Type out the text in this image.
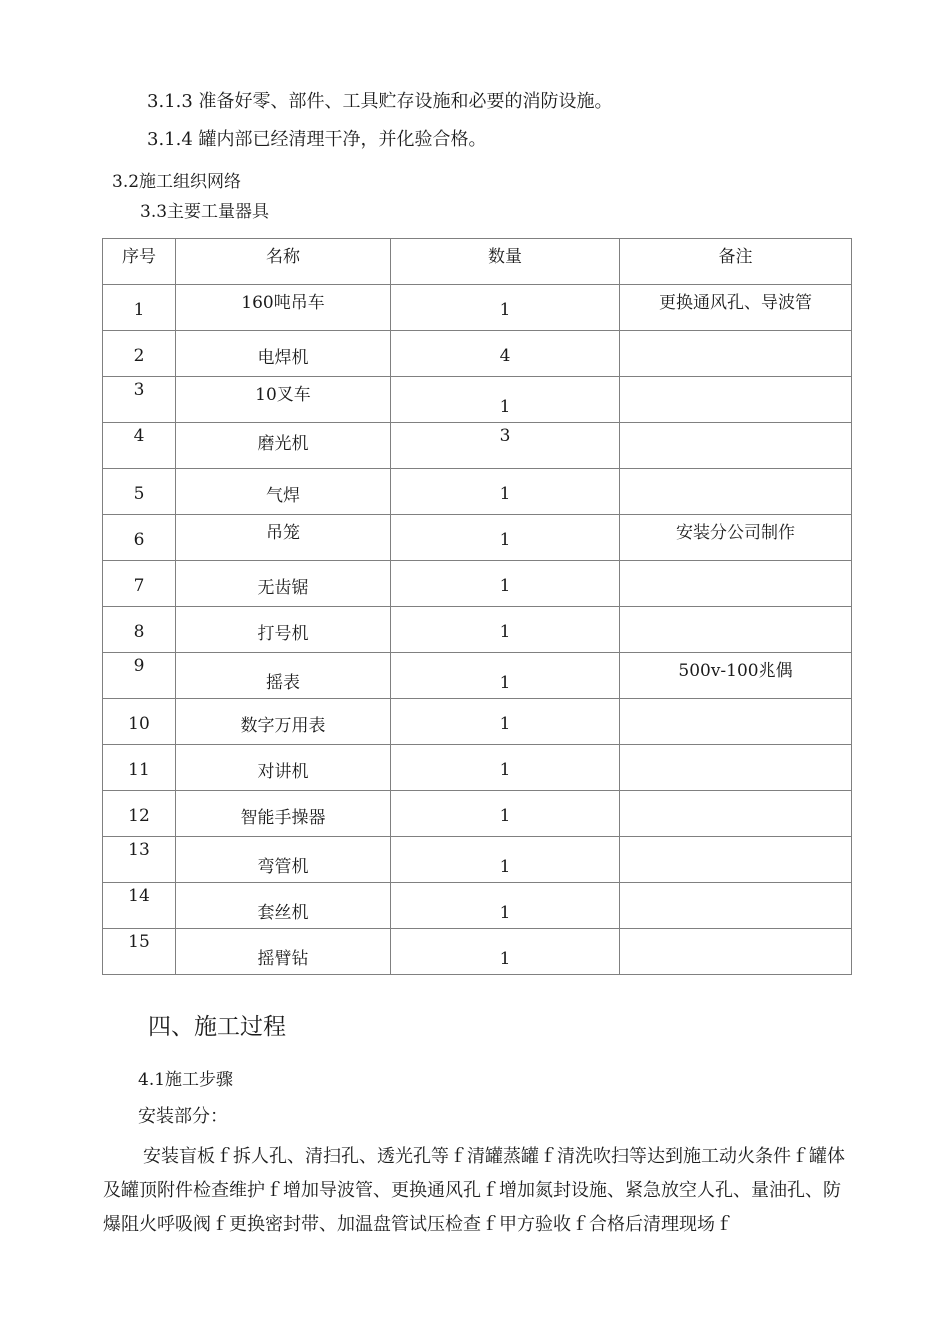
3.1.3 准备好零、部件、工具贮存设施和必要的消防设施。
3.1.4 罐内部已经清理干净，并化验合格。
3.2施工组织网络
3.3主要工量器具
序号	名称	数量	备注

1	160吨吊车	1	更换通风孔、导波管

2	电焊机	4	

3	10叉车	1	

4	磨光机	3	

5	气焊	1	

6	吊笼	1	安装分公司制作

7	无齿锯	1	

8	打号机	1	

9	摇表	1	500v-100兆偶

10	数字万用表	1	

11	对讲机	1	

12	智能手操器	1	

13	弯管机	1	

14	套丝机	1	

15	摇臂钻	1	

四、施工过程
4.1施工步骤
安装部分：
安装盲板ｆ拆人孔、清扫孔、透光孔等ｆ清罐蒸罐ｆ清洗吹扫等达到施工动火条件ｆ罐体及罐顶附件检查维护ｆ增加导波管、更换通风孔ｆ增加氮封设施、紧急放空人孔、量油孔、防爆阻火呼吸阀ｆ更换密封带、加温盘管试压检查ｆ甲方验收ｆ合格后清理现场ｆ
